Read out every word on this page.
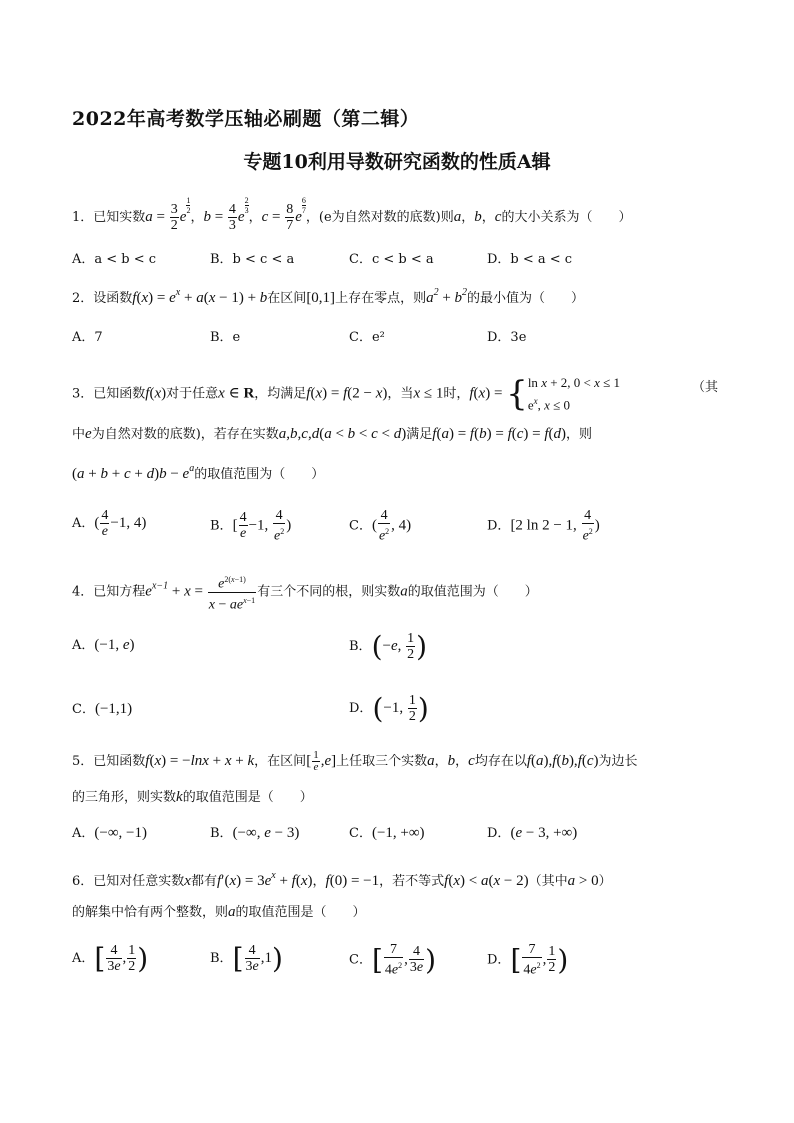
2022年高考数学压轴必刷题（第二辑）
专题10利用导数研究函数的性质A辑
1．已知实数$a = \frac{3}{2}$ e
$\frac{1}{2}$
，$b = \frac{4}{3}$ e
$\frac{2}{3}$
，$c = \frac{8}{7}$ e
$\frac{6}{7}$
，(e为自然对数的底数)则a，b，c的大小关系为（　　）
A．a < b < c	B．b < c < a	C．c < b < a	D．b < a < c
2．设函数$f(x) = e^x + a(x - 1) + b$在区间[0,1]上存在零点，则$a^2 + b^2$的最小值为（　　）
A．7	B．e	C．e²	D．3e
3．已知函数f(x)对于任意x ∈ R，均满足f(x) = f(2 − x)，当x ≤ 1时，f(x) = { ln x + 2, 0 < x ≤ 1
$e^x$, x ≤ 0
（其
中e为自然对数的底数)，若存在实数a,b,c,d(a < b < c < d)满足f(a) = f(b) = f(c) = f(d)，则
$(a + b + c + d)b - e^a$的取值范围为（　　）
A．( $\frac{4}{e} -1$, 4)	B．[ $\frac{4}{e} -1$, $\frac{4}{e^2}$ )	C．( $\frac{4}{e^2}$ , 4)	D．[2 ln 2 − 1, $\frac{4}{e^2}$ )
4．已知方程$e^{x-1} + x = \frac{e^{2(x-1)}}{x - ae^{x-1}}$ 有三个不同的根，则实数a的取值范围为（　　）
A．(−1, e)	B．(−e, $\frac{1}{2}$ )
C．(−1,1)	D．(−1, $\frac{1}{2}$ )
5．已知函数f(x) = −lnx + x + k，在区间[ $\frac{1}{e} ,e$]上任取三个实数a，b，c均存在以f(a),f(b),f(c)为边长
的三角形，则实数k的取值范围是（　　）
A．(−∞, −1)	B．(−∞, e − 3)	C．(−1, +∞)	D．(e − 3, +∞)
6．已知对任意实数x都有$f'(x) = 3e^x + f(x)$，f(0) = −1，若不等式f(x) < a(x − 2)（其中a > 0）
的解集中恰有两个整数，则a的取值范围是（　　）
A．[ $\frac{4}{3e}$ , $\frac{1}{2}$ )	B．[ $\frac{4}{3e} ,1$)	C．[ $\frac{7}{4e^2}$ , $\frac{4}{3e}$ )	D．[ $\frac{7}{4e^2}$ , $\frac{1}{2}$ )
